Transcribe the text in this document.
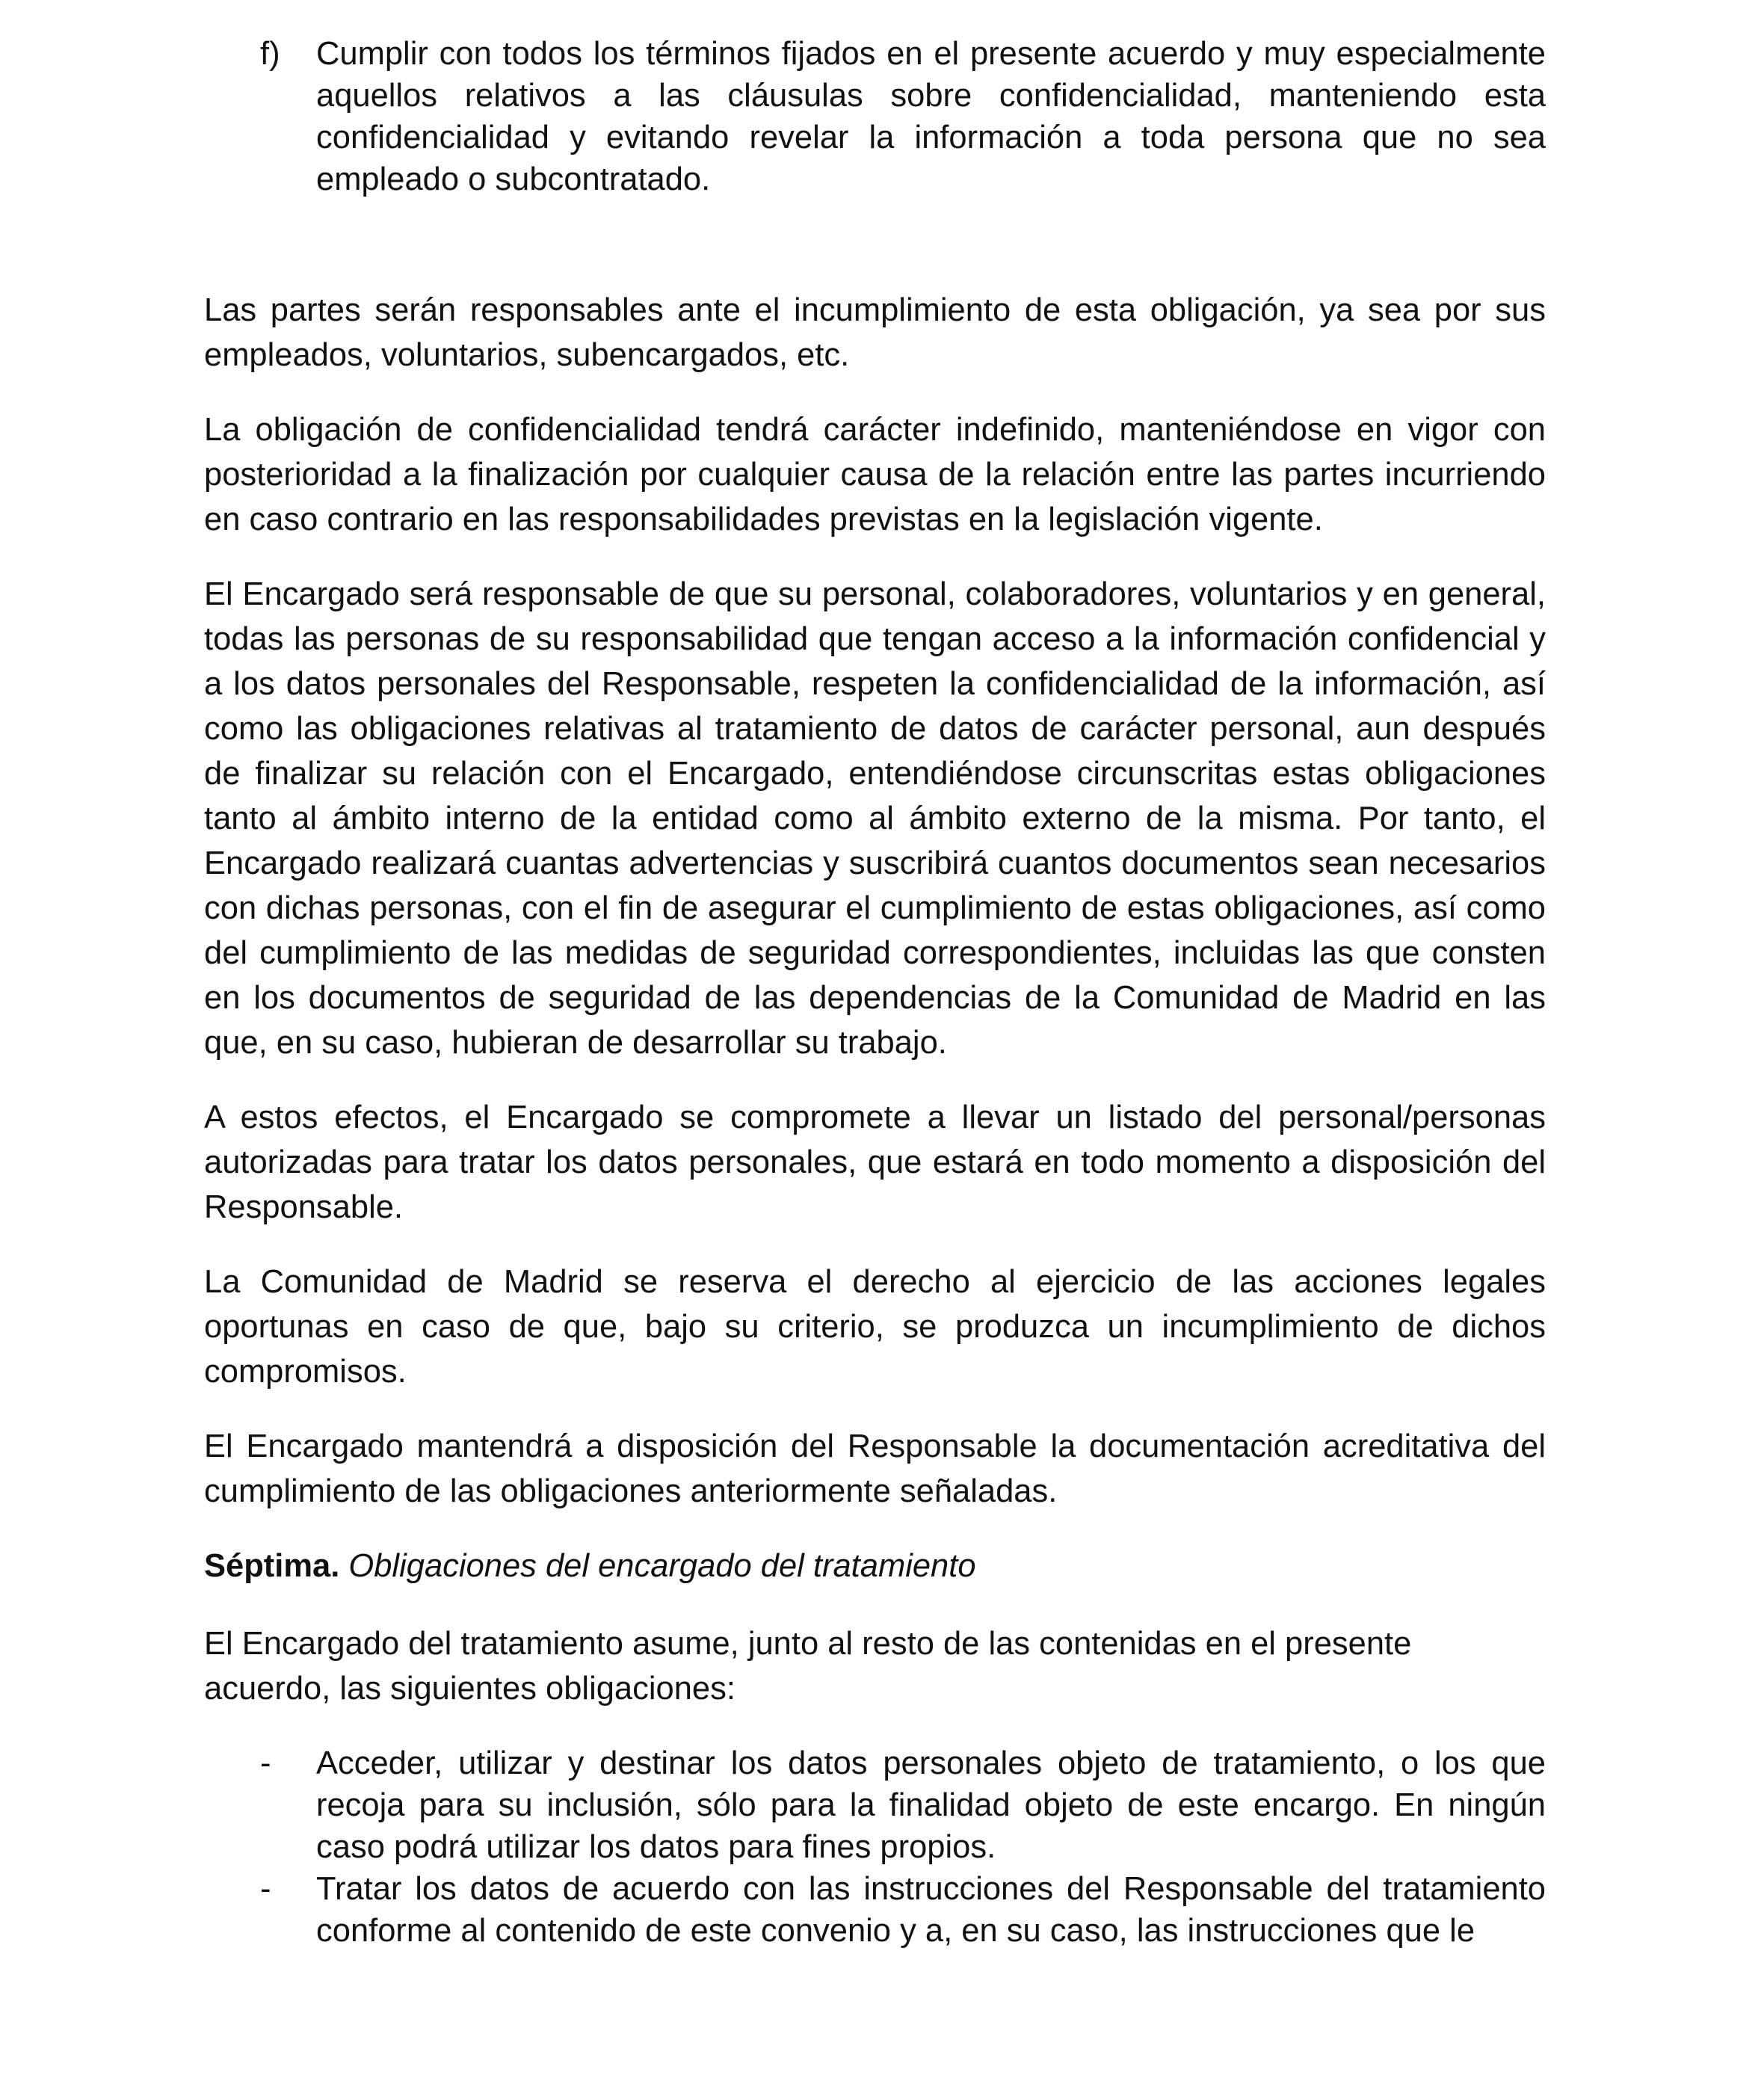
f)	Cumplir con todos los términos fijados en el presente acuerdo y muy especialmente aquellos relativos a las cláusulas sobre confidencialidad, manteniendo esta confidencialidad y evitando revelar la información a toda persona que no sea empleado o subcontratado.

Las partes serán responsables ante el incumplimiento de esta obligación, ya sea por sus empleados, voluntarios, subencargados, etc.

La obligación de confidencialidad tendrá carácter indefinido, manteniéndose en vigor con posterioridad a la finalización por cualquier causa de la relación entre las partes incurriendo en caso contrario en las responsabilidades previstas en la legislación vigente.

El Encargado será responsable de que su personal, colaboradores, voluntarios y en general, todas las personas de su responsabilidad que tengan acceso a la información confidencial y a los datos personales del Responsable, respeten la confidencialidad de la información, así como las obligaciones relativas al tratamiento de datos de carácter personal, aun después de finalizar su relación con el Encargado, entendiéndose circunscritas estas obligaciones tanto al ámbito interno de la entidad como al ámbito externo de la misma. Por tanto, el Encargado realizará cuantas advertencias y suscribirá cuantos documentos sean necesarios con dichas personas, con el fin de asegurar el cumplimiento de estas obligaciones, así como del cumplimiento de las medidas de seguridad correspondientes, incluidas las que consten en los documentos de seguridad de las dependencias de la Comunidad de Madrid en las que, en su caso, hubieran de desarrollar su trabajo.

A estos efectos, el Encargado se compromete a llevar un listado del personal/personas autorizadas para tratar los datos personales, que estará en todo momento a disposición del Responsable.

La Comunidad de Madrid se reserva el derecho al ejercicio de las acciones legales oportunas en caso de que, bajo su criterio, se produzca un incumplimiento de dichos compromisos.

El Encargado mantendrá a disposición del Responsable la documentación acreditativa del cumplimiento de las obligaciones anteriormente señaladas.

Séptima. Obligaciones del encargado del tratamiento

El Encargado del tratamiento asume, junto al resto de las contenidas en el presente acuerdo, las siguientes obligaciones:

-	Acceder, utilizar y destinar los datos personales objeto de tratamiento, o los que recoja para su inclusión, sólo para la finalidad objeto de este encargo. En ningún caso podrá utilizar los datos para fines propios.
-	Tratar los datos de acuerdo con las instrucciones del Responsable del tratamiento conforme al contenido de este convenio y a, en su caso, las instrucciones que le
